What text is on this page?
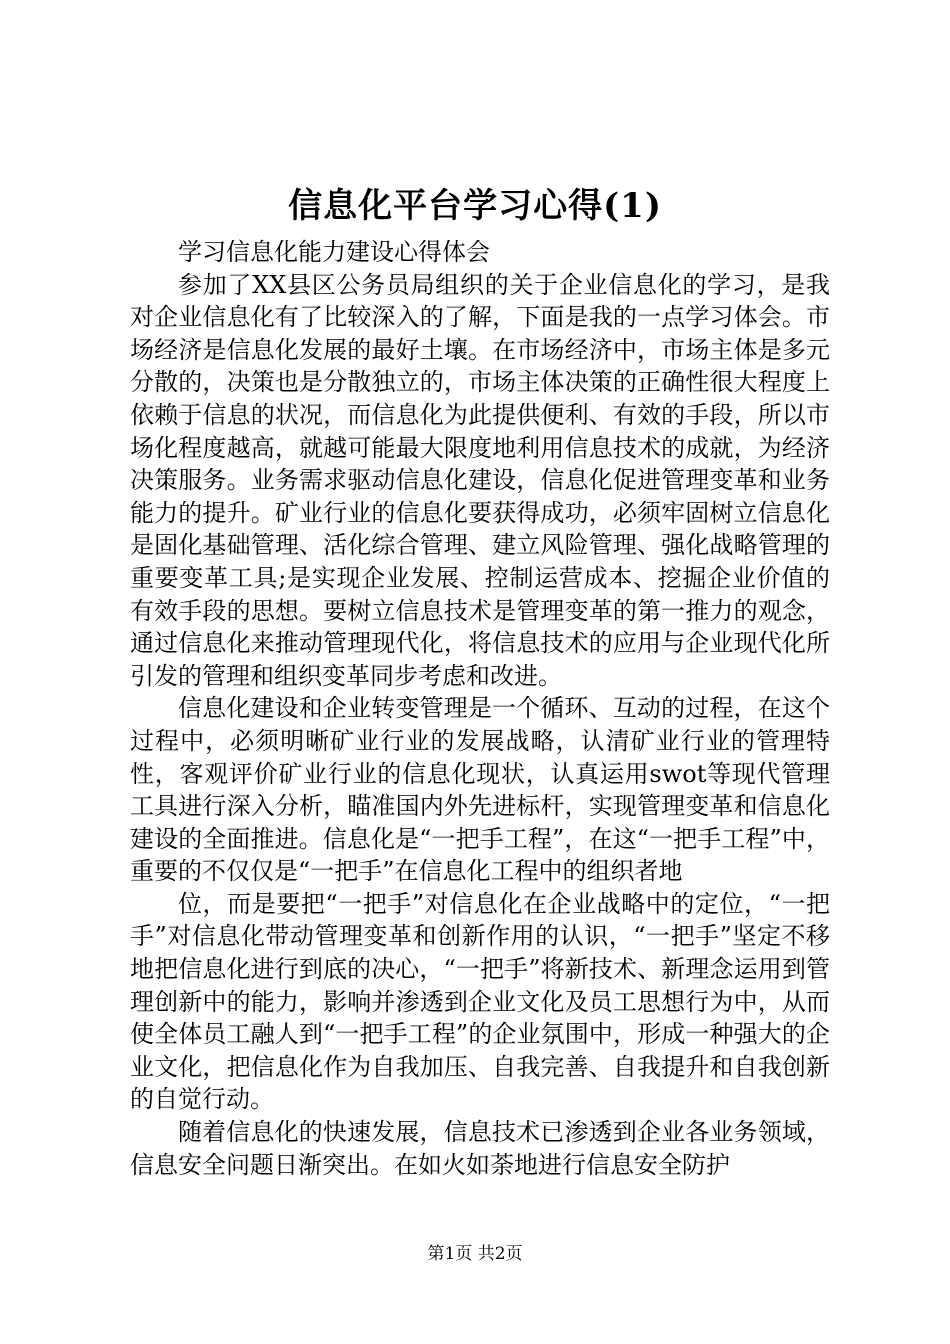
信息化平台学习心得(1)

学习信息化能力建设心得体会

参加了XX县区公务员局组织的关于企业信息化的学习，是我对企业信息化有了比较深入的了解，下面是我的一点学习体会。市场经济是信息化发展的最好土壤。在市场经济中，市场主体是多元分散的，决策也是分散独立的，市场主体决策的正确性很大程度上依赖于信息的状况，而信息化为此提供便利、有效的手段，所以市场化程度越高，就越可能最大限度地利用信息技术的成就，为经济决策服务。业务需求驱动信息化建设，信息化促进管理变革和业务能力的提升。矿业行业的信息化要获得成功，必须牢固树立信息化是固化基础管理、活化综合管理、建立风险管理、强化战略管理的重要变革工具;是实现企业发展、控制运营成本、挖掘企业价值的有效手段的思想。要树立信息技术是管理变革的第一推力的观念，通过信息化来推动管理现代化，将信息技术的应用与企业现代化所引发的管理和组织变革同步考虑和改进。

信息化建设和企业转变管理是一个循环、互动的过程，在这个过程中，必须明晰矿业行业的发展战略，认清矿业行业的管理特性，客观评价矿业行业的信息化现状，认真运用swot等现代管理工具进行深入分析，瞄准国内外先进标杆，实现管理变革和信息化建设的全面推进。信息化是“一把手工程”，在这“一把手工程”中，重要的不仅仅是“一把手”在信息化工程中的组织者地

位，而是要把“一把手”对信息化在企业战略中的定位，“一把手”对信息化带动管理变革和创新作用的认识，“一把手”坚定不移地把信息化进行到底的决心，“一把手”将新技术、新理念运用到管理创新中的能力，影响并渗透到企业文化及员工思想行为中，从而使全体员工融人到“一把手工程”的企业氛围中，形成一种强大的企业文化，把信息化作为自我加压、自我完善、自我提升和自我创新的自觉行动。

随着信息化的快速发展，信息技术已渗透到企业各业务领域，信息安全问题日渐突出。在如火如荼地进行信息安全防护

第1页 共2页
